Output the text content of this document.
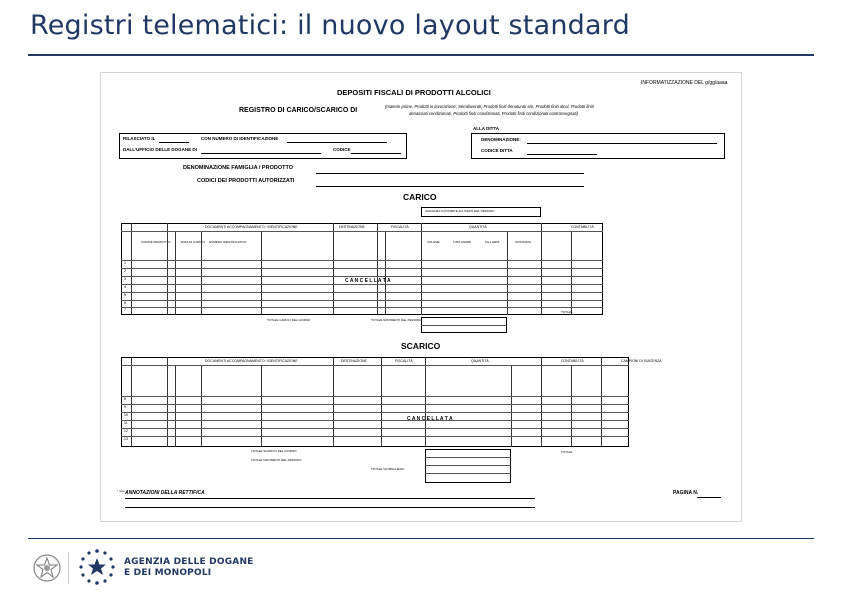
Registri telematici: il nuovo layout standard
INFORMATIZZAZIONE DEL g/gg/aaaa
DEPOSITI FISCALI DI PRODOTTI ALCOLICI
REGISTRO DI CARICO/SCARICO DI
(materie prime, Prodotti in lavorazione, Semilavorati, Prodotti finiti denaturati e/o, Prodotti finiti alcol, Prodotti finiti
denaturati condizionati, Prodotti finiti condizionati, Prodotti finiti condizionati contrassegnati)
RILASCIATO IL	CON NUMERO DI IDENTIFICAZIONE
DALL'UFFICIO DELLE DOGANE DI	CODICE
ALLA DITTA
DENOMINAZIONE:
CODICE DITTA
DENOMINAZIONE FAMIGLIA / PRODOTTO
CODICI DEI PRODOTTI AUTORIZZATI
CARICO
GIACENZA CONTABILE ALL'INIZIO DEL PERIODO
DOCUMENTI ACCOMPAGNAMENTO / IDENTIFICAZIONE	DESTINAZIONE	FISCALITÀ	QUANTITÀ	CONTABILITÀ
CODICE PRODOTTO	DATA DI CARICO NUMERO IDENTIFICATIVO	VOLUME	LITRI ANIDRI	KG LORDI	SOSTANZA
1
2
3
4
5
6
7
C A N C E L L A T A
TOTALE CARICO DEL GIORNO	TOTALE MOVIMENTI DEL PERIODO
TOTALE
SCARICO
DOCUMENTI ACCOMPAGNAMENTO / IDENTIFICAZIONE	DESTINAZIONE	FISCALITÀ	QUANTITÀ	CONTABILITÀ	CAMPIONI DI GIACENZA
8
9
10
11
12
13
C A N C E L L A T A
TOTALE SCARICO DEL GIORNO
TOTALE MOVIMENTI DEL PERIODO
TOTALE GIORNALIERO
TOTALE
* note ANNOTAZIONI DELLA RETTIFICA	PAGINA N.
AGENZIA DELLE DOGANE
E DEI MONOPOLI
